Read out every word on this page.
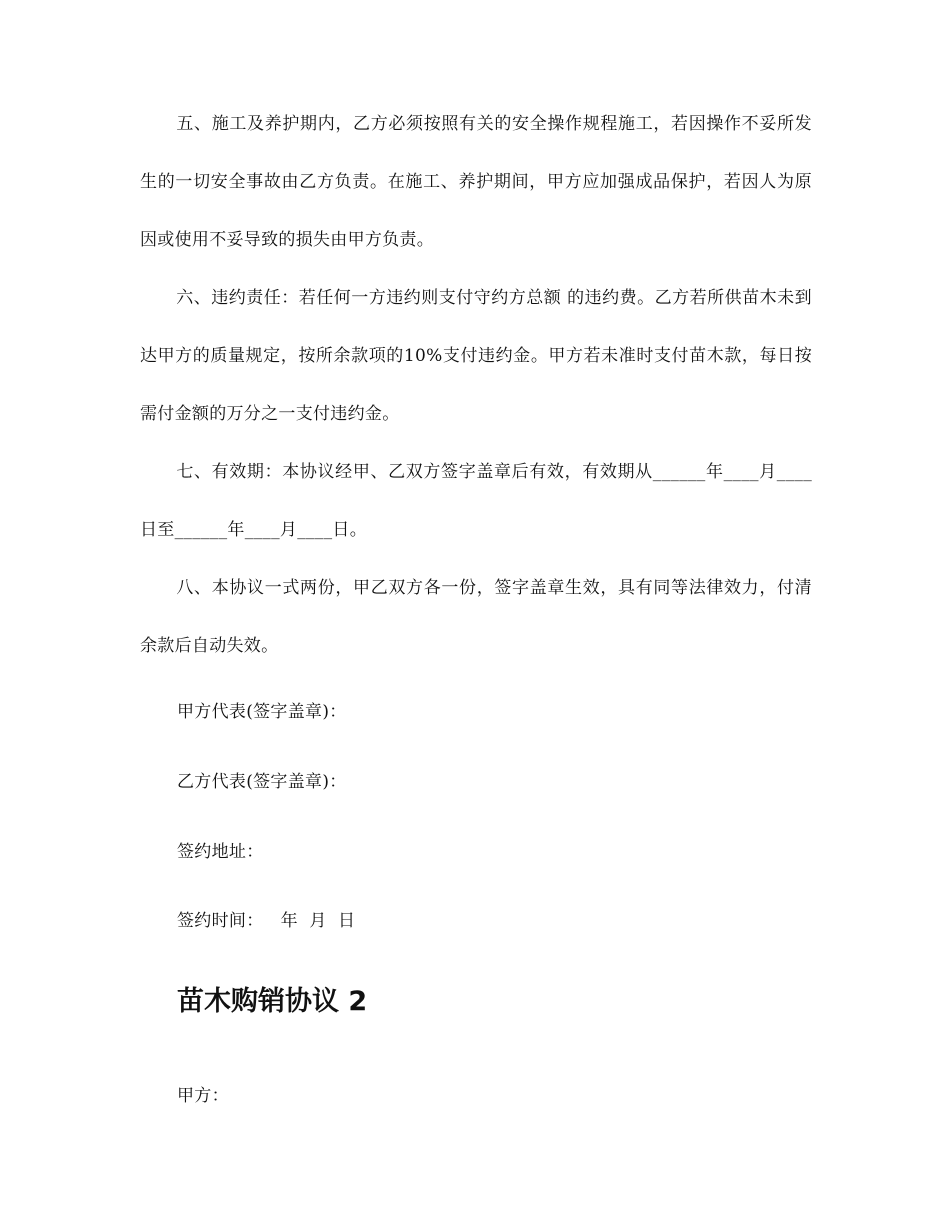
五、施工及养护期内，乙方必须按照有关的安全操作规程施工，若因操作不妥所发生的一切安全事故由乙方负责。在施工、养护期间，甲方应加强成品保护，若因人为原因或使用不妥导致的损失由甲方负责。

六、违约责任：若任何一方违约则支付守约方总额 的违约费。乙方若所供苗木未到达甲方的质量规定，按所余款项的10%支付违约金。甲方若未准时支付苗木款，每日按需付金额的万分之一支付违约金。

七、有效期：本协议经甲、乙双方签字盖章后有效，有效期从______年____月____日至______年____月____日。

八、本协议一式两份，甲乙双方各一份，签字盖章生效，具有同等法律效力，付清余款后自动失效。

甲方代表(签字盖章)：

乙方代表(签字盖章)：

签约地址：

签约时间：   年  月  日

苗木购销协议 2

甲方：
